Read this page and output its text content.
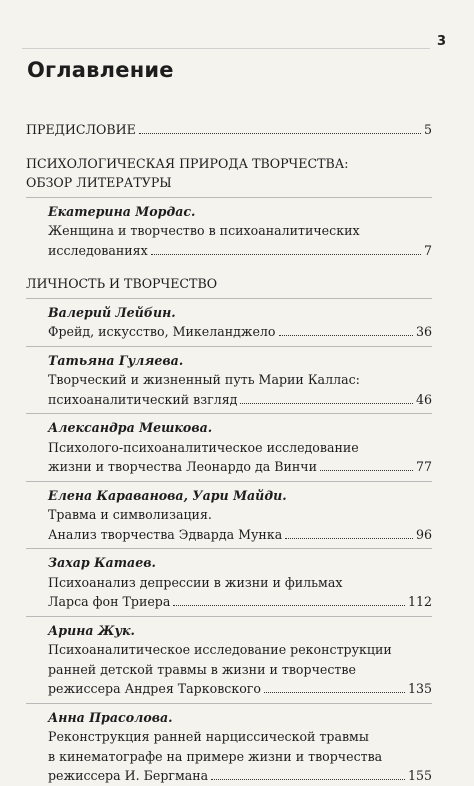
3
Оглавление
ПРЕДИСЛОВИЕ	5
ПСИХОЛОГИЧЕСКАЯ ПРИРОДА ТВОРЧЕСТВА:
ОБЗОР ЛИТЕРАТУРЫ
Екатерина Мордас.
Женщина и творчество в психоаналитических
исследованиях	7
ЛИЧНОСТЬ И ТВОРЧЕСТВО
Валерий Лейбин.
Фрейд, искусство, Микеланджело	36
Татьяна Гуляева.
Творческий и жизненный путь Марии Каллас:
психоаналитический взгляд	46
Александра Мешкова.
Психолого-психоаналитическое исследование
жизни и творчества Леонардо да Винчи	77
Елена Караванова, Уари Майди.
Травма и символизация.
Анализ творчества Эдварда Мунка	96
Захар Катаев.
Психоанализ депрессии в жизни и фильмах
Ларса фон Триера	112
Арина Жук.
Психоаналитическое исследование реконструкции
ранней детской травмы в жизни и творчестве
режиссера Андрея Тарковского	135
Анна Прасолова.
Реконструкция ранней нарциссической травмы
в кинематографе на примере жизни и творчества
режиссера И. Бергмана	155
